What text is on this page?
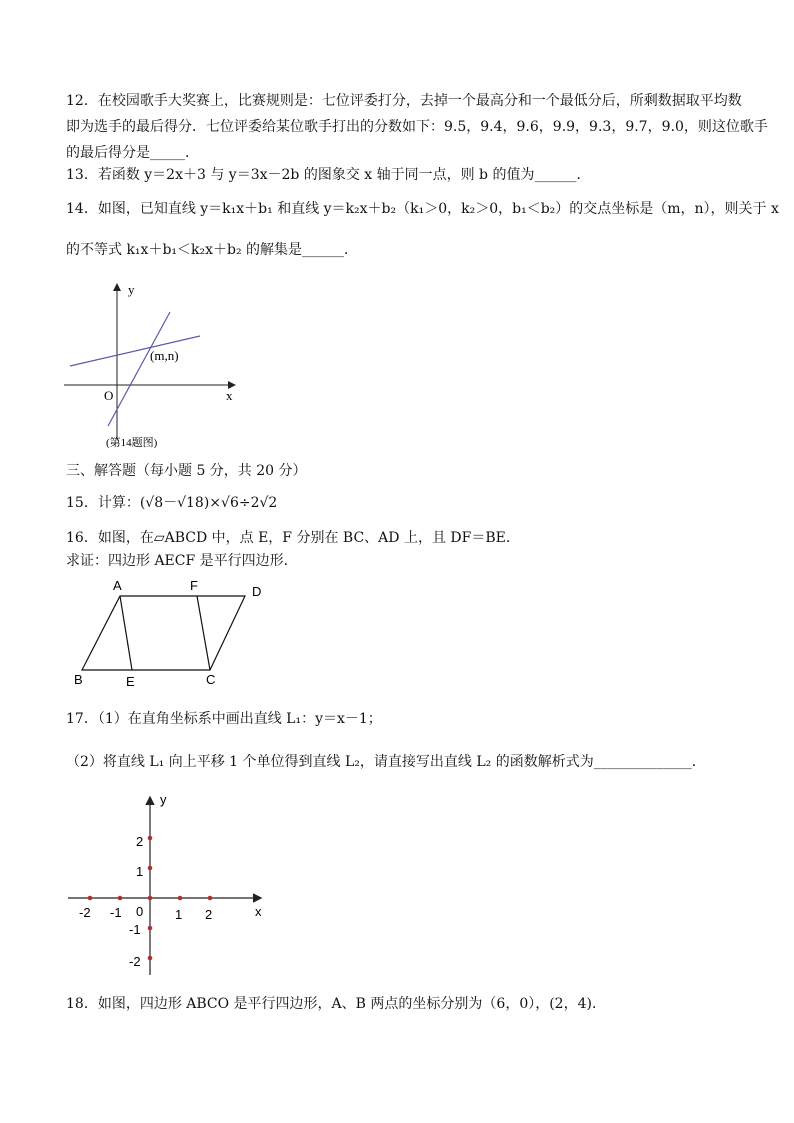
12．在校园歌手大奖赛上，比赛规则是：七位评委打分，去掉一个最高分和一个最低分后，所剩数据取平均数
即为选手的最后得分．七位评委给某位歌手打出的分数如下：9.5，9.4，9.6，9.9，9.3，9.7，9.0，则这位歌手
的最后得分是_____．
13．若函数 y＝2x＋3 与 y＝3x－2b 的图象交 x 轴于同一点，则 b 的值为______．
14．如图，已知直线 y＝k₁x＋b₁ 和直线 y＝k₂x＋b₂（k₁＞0，k₂＞0，b₁＜b₂）的交点坐标是（m，n），则关于 x
的不等式 k₁x＋b₁＜k₂x＋b₂ 的解集是______．
y
x
O
(m,n)
(第14题图)
三、解答题（每小题 5 分，共 20 分）
15．计算：(√8－√18)×√6÷2√2
16．如图，在▱ABCD 中，点 E，F 分别在 BC、AD 上，且 DF＝BE．
求证：四边形 AECF 是平行四边形．
A	F	D
B	E	C
17．（1）在直角坐标系中画出直线 L₁：y＝x－1；
（2）将直线 L₁ 向上平移 1 个单位得到直线 L₂，请直接写出直线 L₂ 的函数解析式为______________．
y
x
0
-2 -1	1 2
2
1
-1
-2
18．如图，四边形 ABCO 是平行四边形，A、B 两点的坐标分别为（6，0），(2，4)．
